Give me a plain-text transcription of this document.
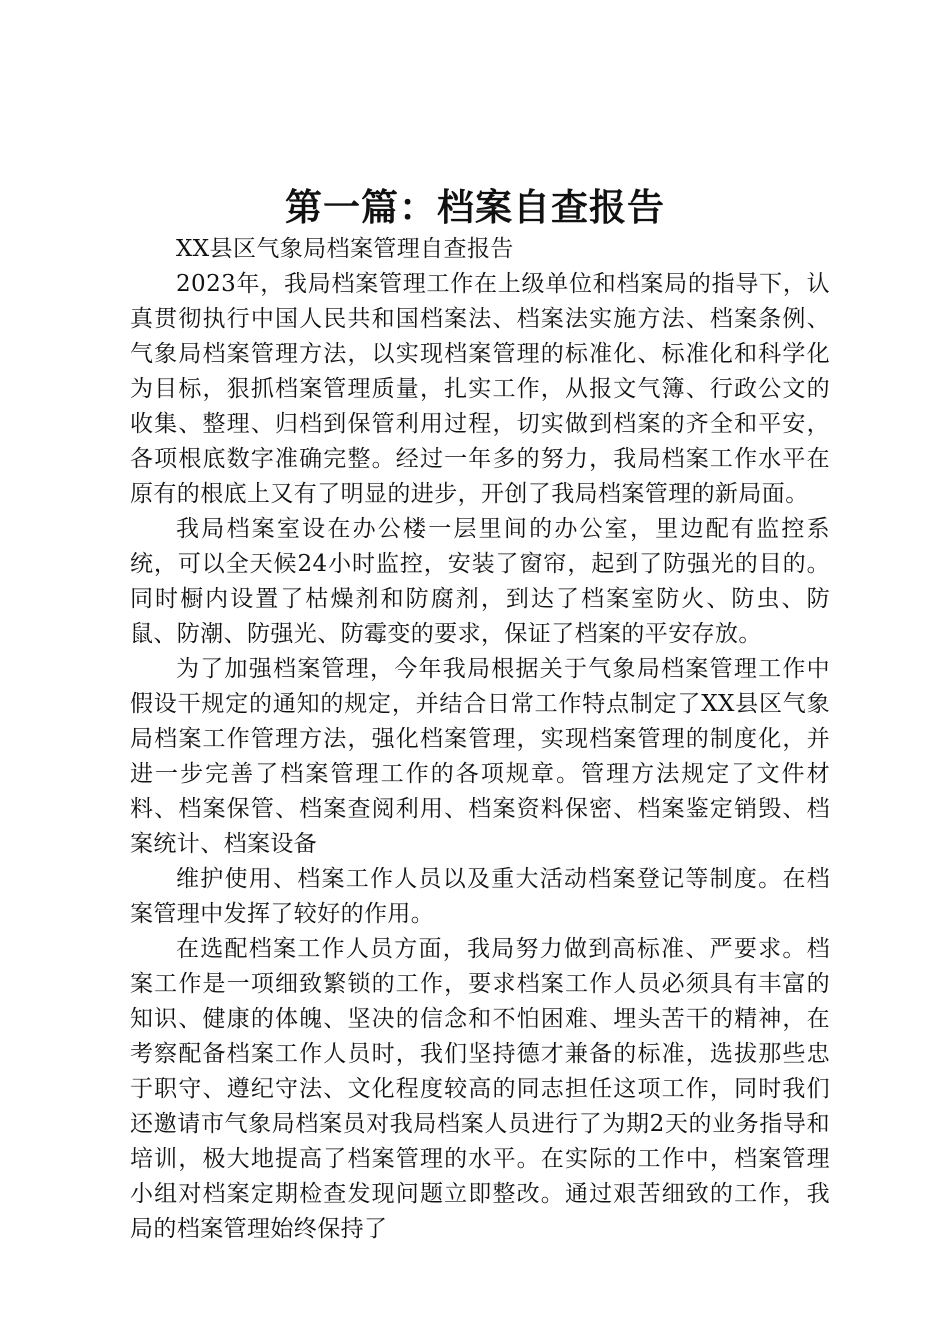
第一篇：档案自查报告

XX县区气象局档案管理自查报告

2023年，我局档案管理工作在上级单位和档案局的指导下，认真贯彻执行中国人民共和国档案法、档案法实施方法、档案条例、气象局档案管理方法，以实现档案管理的标准化、标准化和科学化为目标，狠抓档案管理质量，扎实工作，从报文气簿、行政公文的收集、整理、归档到保管利用过程，切实做到档案的齐全和平安，各项根底数字准确完整。经过一年多的努力，我局档案工作水平在原有的根底上又有了明显的进步，开创了我局档案管理的新局面。

我局档案室设在办公楼一层里间的办公室，里边配有监控系统，可以全天候24小时监控，安装了窗帘，起到了防强光的目的。同时橱内设置了枯燥剂和防腐剂，到达了档案室防火、防虫、防鼠、防潮、防强光、防霉变的要求，保证了档案的平安存放。

为了加强档案管理，今年我局根据关于气象局档案管理工作中假设干规定的通知的规定，并结合日常工作特点制定了XX县区气象局档案工作管理方法，强化档案管理，实现档案管理的制度化，并进一步完善了档案管理工作的各项规章。管理方法规定了文件材料、档案保管、档案查阅利用、档案资料保密、档案鉴定销毁、档案统计、档案设备

维护使用、档案工作人员以及重大活动档案登记等制度。在档案管理中发挥了较好的作用。

在选配档案工作人员方面，我局努力做到高标准、严要求。档案工作是一项细致繁锁的工作，要求档案工作人员必须具有丰富的知识、健康的体魄、坚决的信念和不怕困难、埋头苦干的精神，在考察配备档案工作人员时，我们坚持德才兼备的标准，选拔那些忠于职守、遵纪守法、文化程度较高的同志担任这项工作，同时我们还邀请市气象局档案员对我局档案人员进行了为期2天的业务指导和培训，极大地提高了档案管理的水平。在实际的工作中，档案管理小组对档案定期检查发现问题立即整改。通过艰苦细致的工作，我局的档案管理始终保持了
